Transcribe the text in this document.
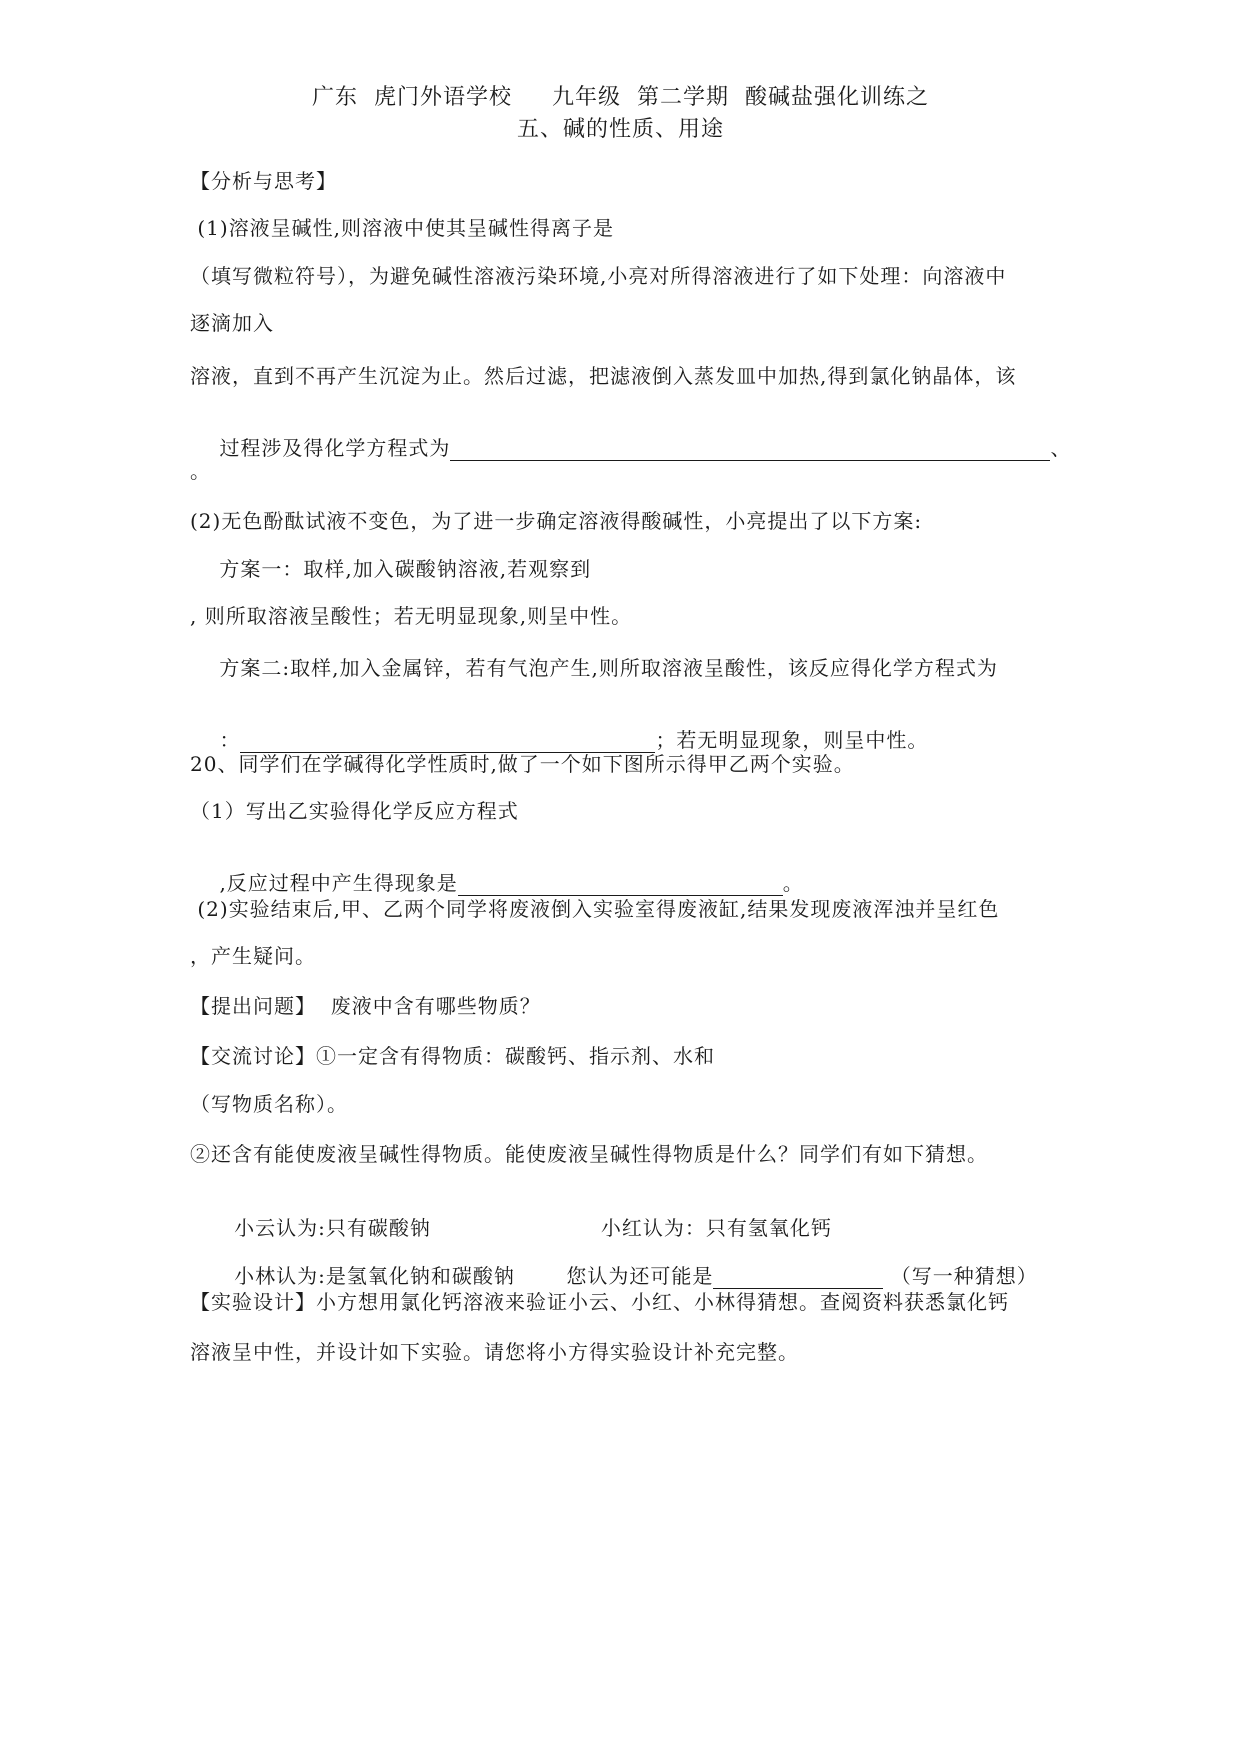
广东  虎门外语学校     九年级  第二学期  酸碱盐强化训练之
五、碱的性质、用途
【分析与思考】
(1)溶液呈碱性,则溶液中使其呈碱性得离子是
（填写微粒符号），为避免碱性溶液污染环境,小亮对所得溶液进行了如下处理：向溶液中
逐滴加入
溶液，直到不再产生沉淀为止。然后过滤，把滤液倒入蒸发皿中加热,得到氯化钠晶体，该

过程涉及得化学方程式为	、

。
(2)无色酚酞试液不变色，为了进一步确定溶液得酸碱性，小亮提出了以下方案:
方案一：取样,加入碳酸钠溶液,若观察到
, 则所取溶液呈酸性；若无明显现象,则呈中性。
方案二:取样,加入金属锌，若有气泡产生,则所取溶液呈酸性，该反应得化学方程式为

：	；若无明显现象，则呈中性。

20、同学们在学碱得化学性质时,做了一个如下图所示得甲乙两个实验。
（1）写出乙实验得化学反应方程式

,反应过程中产生得现象是	。

(2)实验结束后,甲、乙两个同学将废液倒入实验室得废液缸,结果发现废液浑浊并呈红色
，产生疑问。
【提出问题】  废液中含有哪些物质？
【交流讨论】①一定含有得物质：碳酸钙、指示剂、水和
（写物质名称）。
②还含有能使废液呈碱性得物质。能使废液呈碱性得物质是什么？同学们有如下猜想。

小云认为:只有碳酸钠	小红认为：只有氢氧化钙

小林认为:是氢氧化钠和碳酸钠       您认为还可能是	（写一种猜想）

【实验设计】小方想用氯化钙溶液来验证小云、小红、小林得猜想。查阅资料获悉氯化钙
溶液呈中性，并设计如下实验。请您将小方得实验设计补充完整。
